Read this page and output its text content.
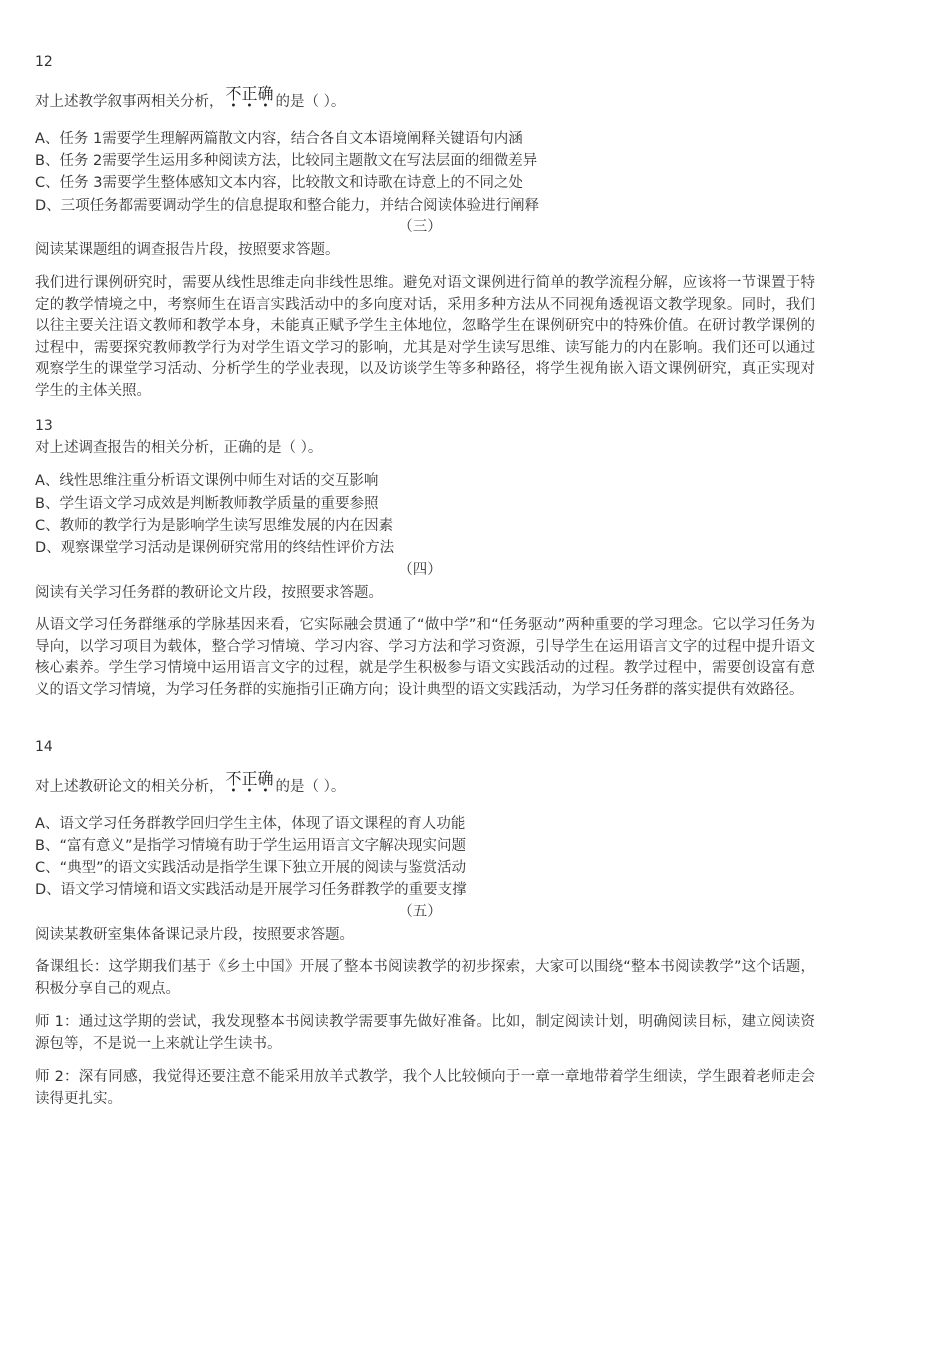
12
对上述教学叙事两相关分析， 不正确
• • • 的是（ ）。
A、任务 1需要学生理解两篇散文内容，结合各自文本语境阐释关键语句内涵
B、任务 2需要学生运用多种阅读方法，比较同主题散文在写法层面的细微差异
C、任务 3需要学生整体感知文本内容，比较散文和诗歌在诗意上的不同之处
D、三项任务都需要调动学生的信息提取和整合能力，并结合阅读体验进行阐释
（三）
阅读某课题组的调查报告片段，按照要求答题。
我们进行课例研究时，需要从线性思维走向非线性思维。避免对语文课例进行简单的教学流程分解，应该将一节课置于特定的教学情境之中，考察师生在语言实践活动中的多向度对话，采用多种方法从不同视角透视语文教学现象。同时，我们以往主要关注语文教师和教学本身，未能真正赋予学生主体地位，忽略学生在课例研究中的特殊价值。在研讨教学课例的过程中，需要探究教师教学行为对学生语文学习的影响，尤其是对学生读写思维、读写能力的内在影响。我们还可以通过观察学生的课堂学习活动、分析学生的学业表现，以及访谈学生等多种路径，将学生视角嵌入语文课例研究，真正实现对学生的主体关照。
13
对上述调查报告的相关分析，正确的是（ ）。
A、线性思维注重分析语文课例中师生对话的交互影响
B、学生语文学习成效是判断教师教学质量的重要参照
C、教师的教学行为是影响学生读写思维发展的内在因素
D、观察课堂学习活动是课例研究常用的终结性评价方法
（四）
阅读有关学习任务群的教研论文片段，按照要求答题。
从语文学习任务群继承的学脉基因来看，它实际融会贯通了“做中学”和“任务驱动”两种重要的学习理念。它以学习任务为导向，以学习项目为载体，整合学习情境、学习内容、学习方法和学习资源，引导学生在运用语言文字的过程中提升语文核心素养。学生学习情境中运用语言文字的过程，就是学生积极参与语文实践活动的过程。教学过程中，需要创设富有意义的语文学习情境，为学习任务群的实施指引正确方向；设计典型的语文实践活动，为学习任务群的落实提供有效路径。
14
对上述教研论文的相关分析， 不正确
• • • 的是（ ）。
A、语文学习任务群教学回归学生主体，体现了语文课程的育人功能
B、“富有意义”是指学习情境有助于学生运用语言文字解决现实问题
C、“典型”的语文实践活动是指学生课下独立开展的阅读与鉴赏活动
D、语文学习情境和语文实践活动是开展学习任务群教学的重要支撑
（五）
阅读某教研室集体备课记录片段，按照要求答题。
备课组长：这学期我们基于《乡土中国》开展了整本书阅读教学的初步探索，大家可以围绕“整本书阅读教学”这个话题，积极分享自己的观点。
师 1：通过这学期的尝试，我发现整本书阅读教学需要事先做好准备。比如，制定阅读计划，明确阅读目标，建立阅读资源包等，不是说一上来就让学生读书。
师 2：深有同感，我觉得还要注意不能采用放羊式教学，我个人比较倾向于一章一章地带着学生细读，学生跟着老师走会读得更扎实。
